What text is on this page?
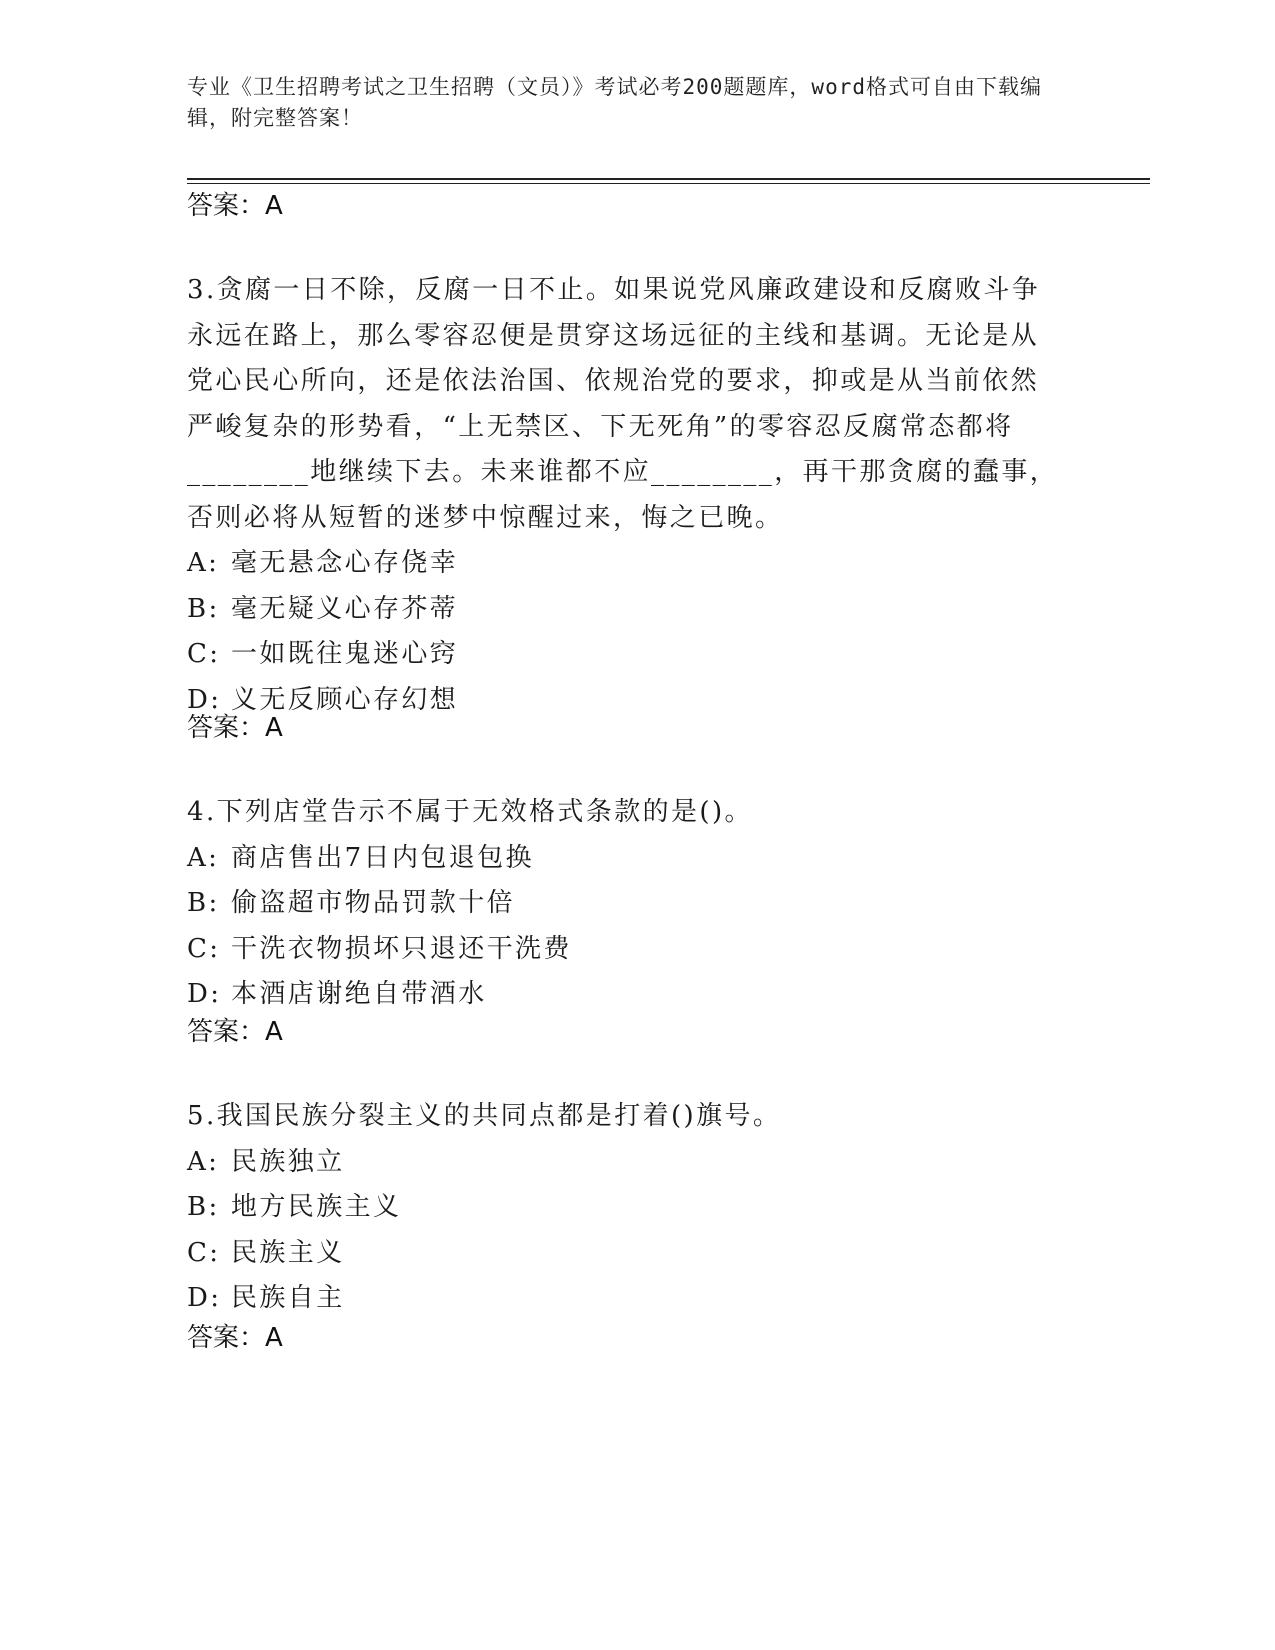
专业《卫生招聘考试之卫生招聘（文员）》考试必考200题题库，word格式可自由下载编辑，附完整答案！
答案：A

3.贪腐一日不除，反腐一日不止。如果说党风廉政建设和反腐败斗争永远在路上，那么零容忍便是贯穿这场远征的主线和基调。无论是从党心民心所向，还是依法治国、依规治党的要求，抑或是从当前依然严峻复杂的形势看，“上无禁区、下无死角”的零容忍反腐常态都将________地继续下去。未来谁都不应________，再干那贪腐的蠢事，否则必将从短暂的迷梦中惊醒过来，悔之已晚。

A: 毫无悬念心存侥幸

B: 毫无疑义心存芥蒂

C: 一如既往鬼迷心窍

D: 义无反顾心存幻想

答案：A

4.下列店堂告示不属于无效格式条款的是()。

A: 商店售出7日内包退包换

B: 偷盗超市物品罚款十倍

C: 干洗衣物损坏只退还干洗费

D: 本酒店谢绝自带酒水

答案：A

5.我国民族分裂主义的共同点都是打着()旗号。

A: 民族独立

B: 地方民族主义

C: 民族主义

D: 民族自主

答案：A
